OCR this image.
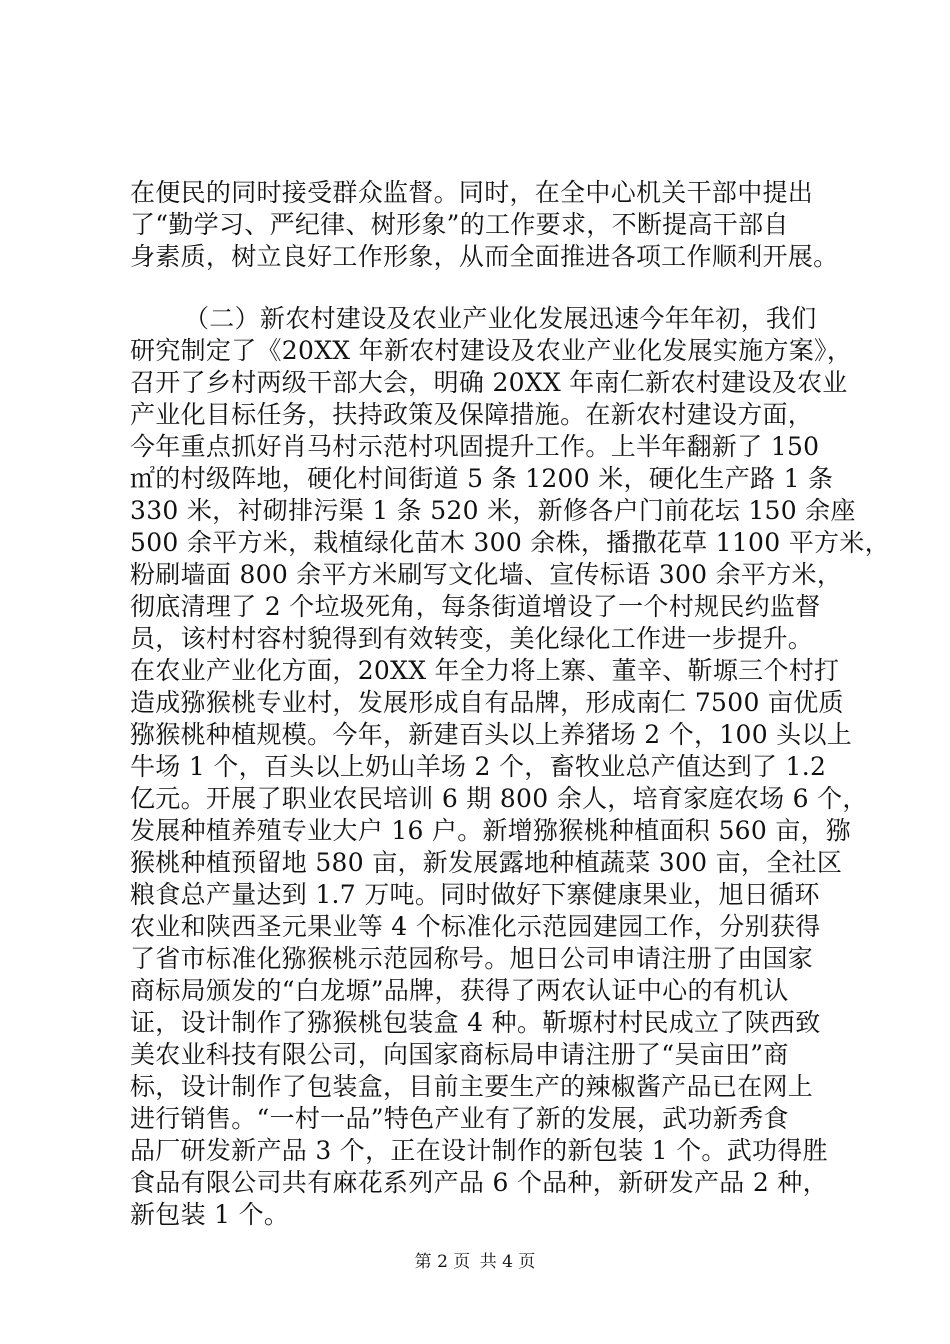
在便民的同时接受群众监督。同时，在全中心机关干部中提出
了“勤学习、严纪律、树形象”的工作要求，不断提高干部自
身素质，树立良好工作形象，从而全面推进各项工作顺利开展。
（二）新农村建设及农业产业化发展迅速今年年初，我们
研究制定了《20XX 年新农村建设及农业产业化发展实施方案》，
召开了乡村两级干部大会，明确 20XX 年南仁新农村建设及农业
产业化目标任务，扶持政策及保障措施。在新农村建设方面，
今年重点抓好肖马村示范村巩固提升工作。上半年翻新了 150
㎡的村级阵地，硬化村间街道 5 条 1200 米，硬化生产路 1 条
330 米，衬砌排污渠 1 条 520 米，新修各户门前花坛 150 余座
500 余平方米，栽植绿化苗木 300 余株，播撒花草 1100 平方米，
粉刷墙面 800 余平方米刷写文化墙、宣传标语 300 余平方米，
彻底清理了 2 个垃圾死角，每条街道增设了一个村规民约监督
员，该村村容村貌得到有效转变，美化绿化工作进一步提升。
在农业产业化方面，20XX 年全力将上寨、董辛、靳塬三个村打
造成猕猴桃专业村，发展形成自有品牌，形成南仁 7500 亩优质
猕猴桃种植规模。今年，新建百头以上养猪场 2 个，100 头以上
牛场 1 个，百头以上奶山羊场 2 个，畜牧业总产值达到了 1.2
亿元。开展了职业农民培训 6 期 800 余人，培育家庭农场 6 个，
发展种植养殖专业大户 16 户。新增猕猴桃种植面积 560 亩，猕
猴桃种植预留地 580 亩，新发展露地种植蔬菜 300 亩，全社区
粮食总产量达到 1.7 万吨。同时做好下寨健康果业，旭日循环
农业和陕西圣元果业等 4 个标准化示范园建园工作，分别获得
了省市标准化猕猴桃示范园称号。旭日公司申请注册了由国家
商标局颁发的“白龙塬”品牌，获得了两农认证中心的有机认
证，设计制作了猕猴桃包装盒 4 种。靳塬村村民成立了陕西致
美农业科技有限公司，向国家商标局申请注册了“吴亩田”商
标，设计制作了包装盒，目前主要生产的辣椒酱产品已在网上
进行销售。“一村一品”特色产业有了新的发展，武功新秀食
品厂研发新产品 3 个，正在设计制作的新包装 1 个。武功得胜
食品有限公司共有麻花系列产品 6 个品种，新研发产品 2 种，
新包装 1 个。
第 2 页 共 4 页
